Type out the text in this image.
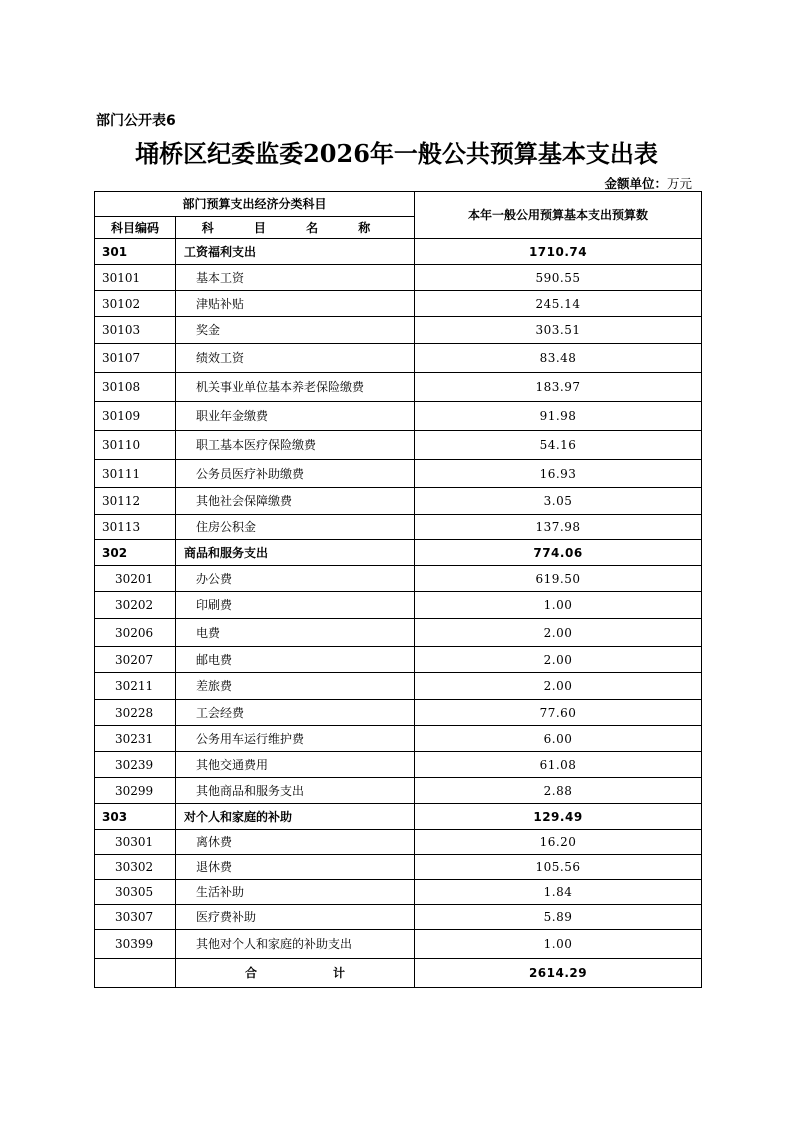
部门公开表6
埇桥区纪委监委2026年一般公共预算基本支出表
金额单位：万元
部门预算支出经济分类科目		本年一般公用预算基本支出预算数
科目编码	科 目 名 称	
301	工资福利支出	1710.74
30101	基本工资	590.55
30102	津贴补贴	245.14
30103	奖金	303.51
30107	绩效工资	83.48
30108	机关事业单位基本养老保险缴费	183.97
30109	职业年金缴费	91.98
30110	职工基本医疗保险缴费	54.16
30111	公务员医疗补助缴费	16.93
30112	其他社会保障缴费	3.05
30113	住房公积金	137.98
302	商品和服务支出	774.06
30201	办公费	619.50
30202	印刷费	1.00
30206	电费	2.00
30207	邮电费	2.00
30211	差旅费	2.00
30228	工会经费	77.60
30231	公务用车运行维护费	6.00
30239	其他交通费用	61.08
30299	其他商品和服务支出	2.88
303	对个人和家庭的补助	129.49
30301	离休费	16.20
30302	退休费	105.56
30305	生活补助	1.84
30307	医疗费补助	5.89
30399	其他对个人和家庭的补助支出	1.00
	合 计	2614.29
